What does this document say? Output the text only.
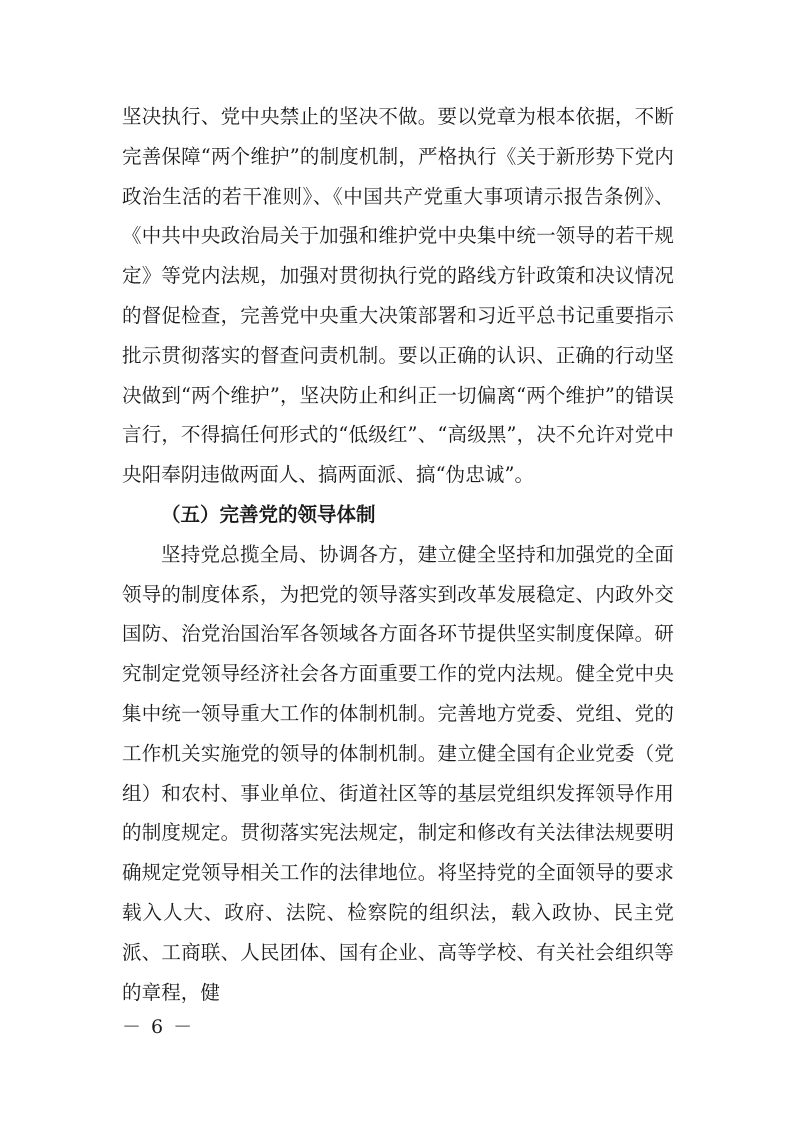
坚决执行、党中央禁止的坚决不做。要以党章为根本依据，不断完善保障“两个维护”的制度机制，严格执行《关于新形势下党内政治生活的若干准则》、《中国共产党重大事项请示报告条例》、《中共中央政治局关于加强和维护党中央集中统一领导的若干规定》等党内法规，加强对贯彻执行党的路线方针政策和决议情况的督促检查，完善党中央重大决策部署和习近平总书记重要指示批示贯彻落实的督查问责机制。要以正确的认识、正确的行动坚决做到“两个维护”，坚决防止和纠正一切偏离“两个维护”的错误言行，不得搞任何形式的“低级红”、“高级黑”，决不允许对党中央阳奉阴违做两面人、搞两面派、搞“伪忠诚”。

（五）完善党的领导体制

坚持党总揽全局、协调各方，建立健全坚持和加强党的全面领导的制度体系，为把党的领导落实到改革发展稳定、内政外交国防、治党治国治军各领域各方面各环节提供坚实制度保障。研究制定党领导经济社会各方面重要工作的党内法规。健全党中央集中统一领导重大工作的体制机制。完善地方党委、党组、党的工作机关实施党的领导的体制机制。建立健全国有企业党委（党组）和农村、事业单位、街道社区等的基层党组织发挥领导作用的制度规定。贯彻落实宪法规定，制定和修改有关法律法规要明确规定党领导相关工作的法律地位。将坚持党的全面领导的要求载入人大、政府、法院、检察院的组织法，载入政协、民主党派、工商联、人民团体、国有企业、高等学校、有关社会组织等的章程，健

－ 6 －
